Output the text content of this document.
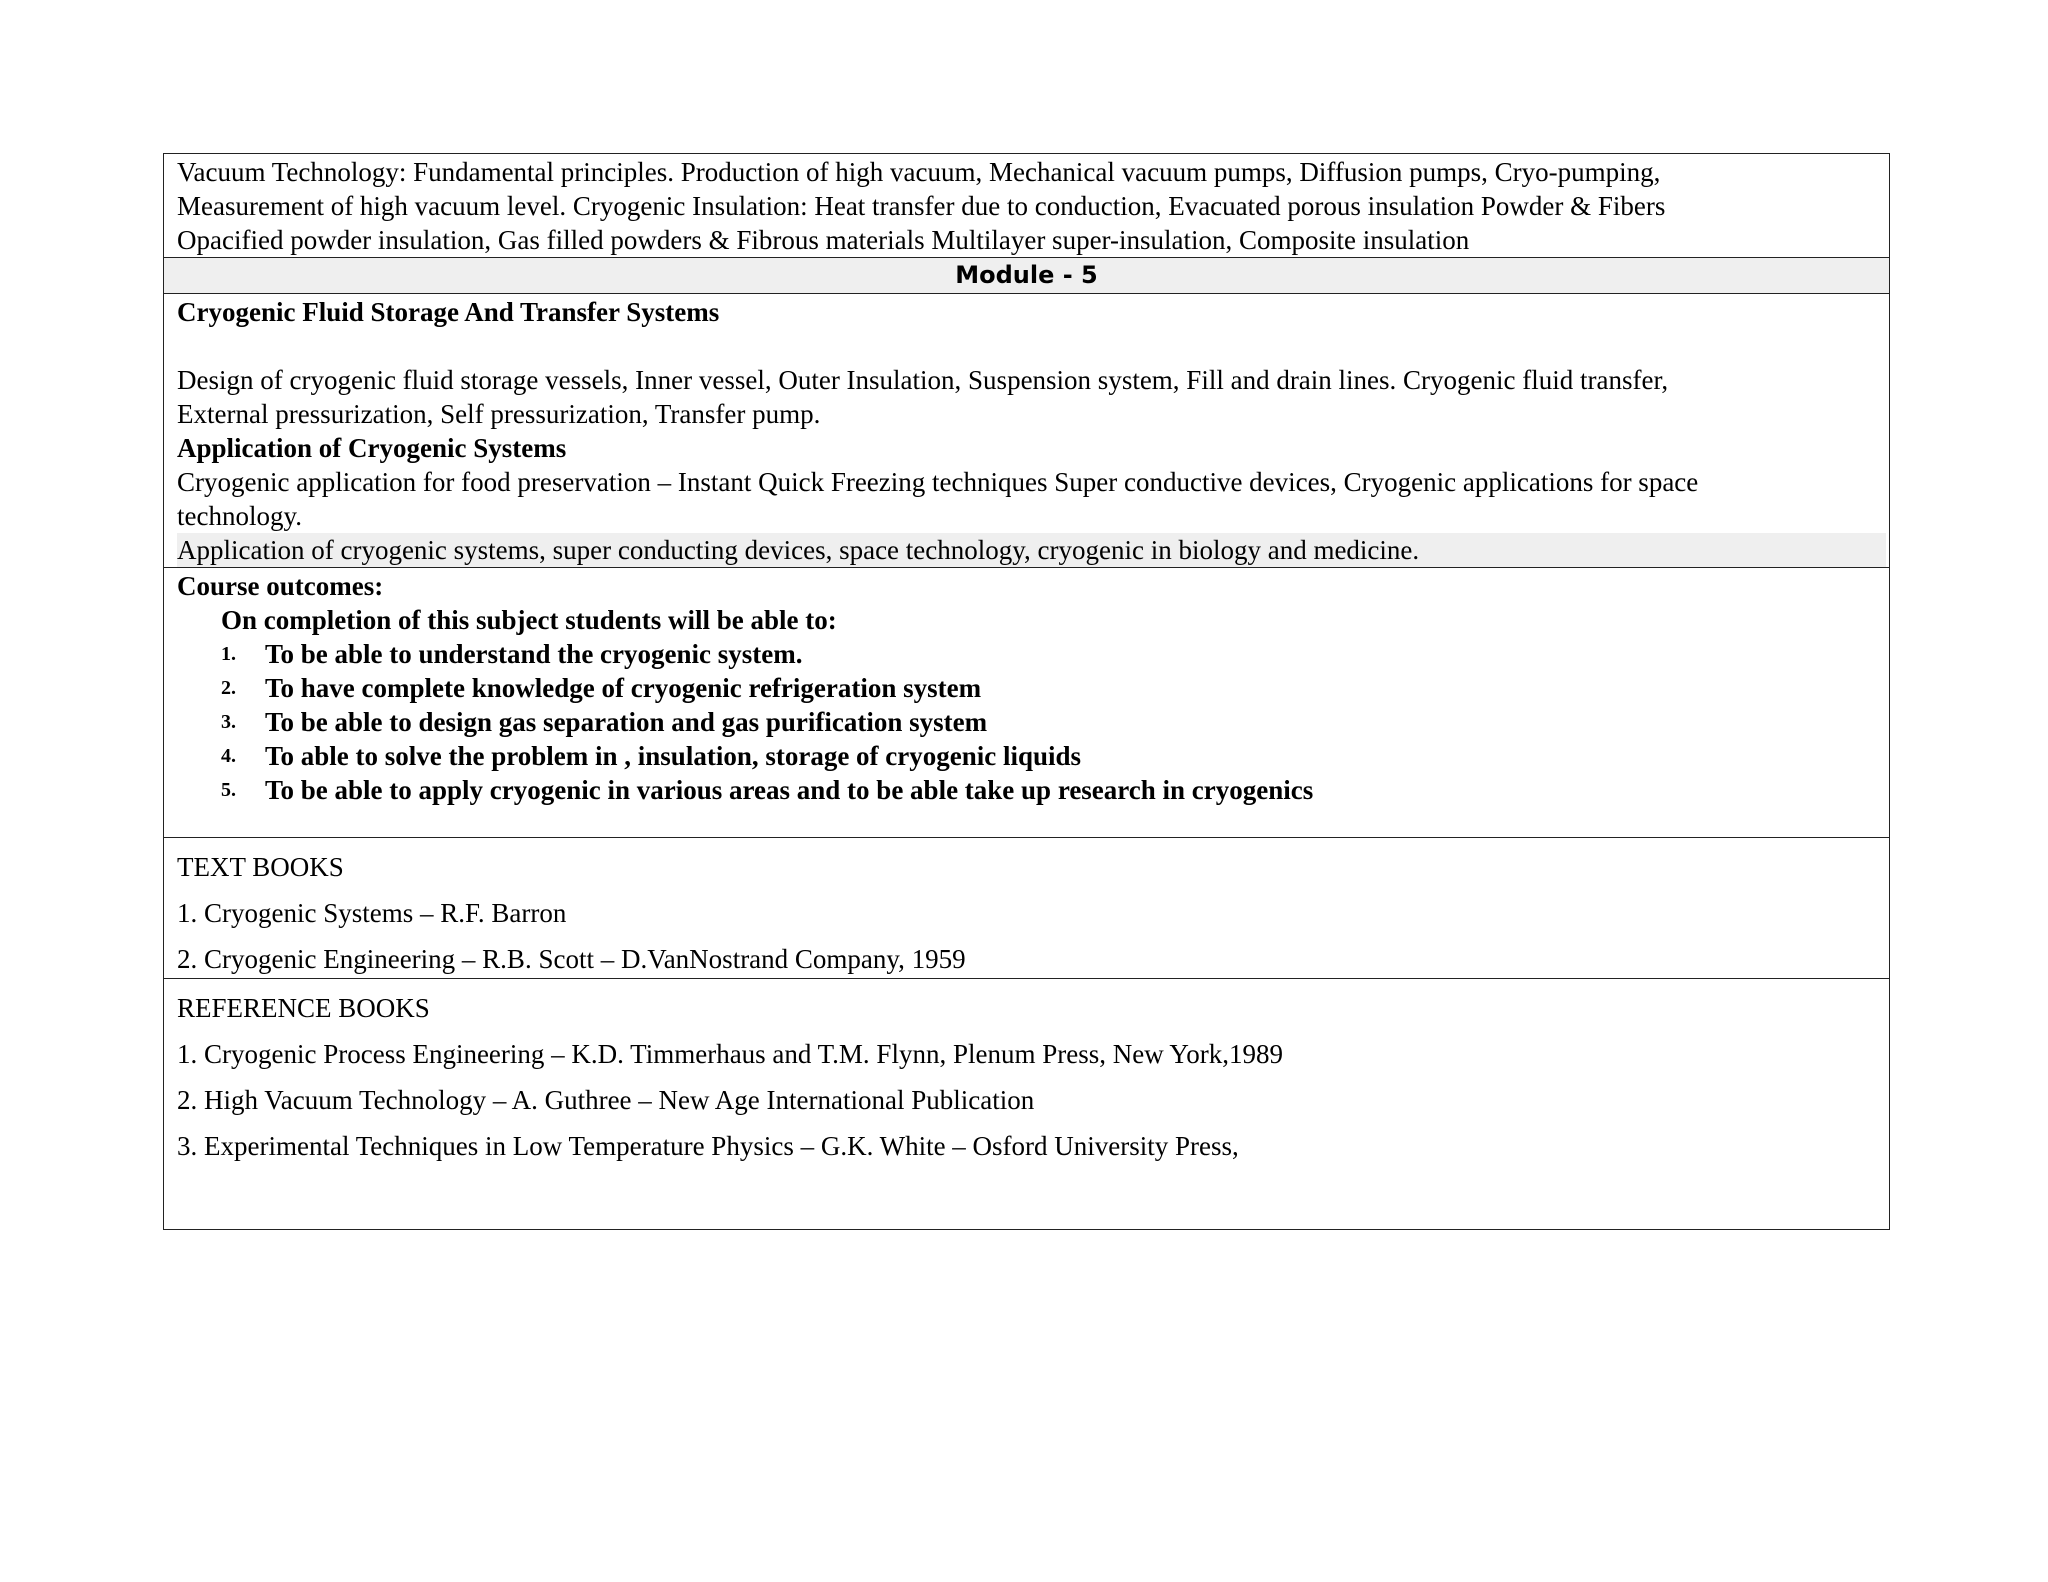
Vacuum Technology: Fundamental principles. Production of high vacuum, Mechanical vacuum pumps, Diffusion pumps, Cryo-pumping,

Measurement of high vacuum level. Cryogenic Insulation: Heat transfer due to conduction, Evacuated porous insulation Powder & Fibers

Opacified powder insulation, Gas filled powders & Fibrous materials Multilayer super-insulation, Composite insulation

Module - 5

Cryogenic Fluid Storage And Transfer Systems

Design of cryogenic fluid storage vessels, Inner vessel, Outer Insulation, Suspension system, Fill and drain lines. Cryogenic fluid transfer,

External pressurization, Self pressurization, Transfer pump.

Application of Cryogenic Systems

Cryogenic application for food preservation – Instant Quick Freezing techniques Super conductive devices, Cryogenic applications for space

technology.

Application of cryogenic systems, super conducting devices, space technology, cryogenic in biology and medicine.

Course outcomes:

On completion of this subject students will be able to:

1.	To be able to understand the cryogenic system.
2.	To have complete knowledge of cryogenic refrigeration system
3.	To be able to design gas separation and gas purification system
4.	To able to solve the problem in , insulation, storage of cryogenic liquids
5.	To be able to apply cryogenic in various areas and to be able take up research in cryogenics

TEXT BOOKS

1. Cryogenic Systems – R.F. Barron

2. Cryogenic Engineering – R.B. Scott – D.VanNostrand Company, 1959

REFERENCE BOOKS

1. Cryogenic Process Engineering – K.D. Timmerhaus and T.M. Flynn, Plenum Press, New York,1989

2. High Vacuum Technology – A. Guthree – New Age International Publication

3. Experimental Techniques in Low Temperature Physics – G.K. White – Osford University Press,
